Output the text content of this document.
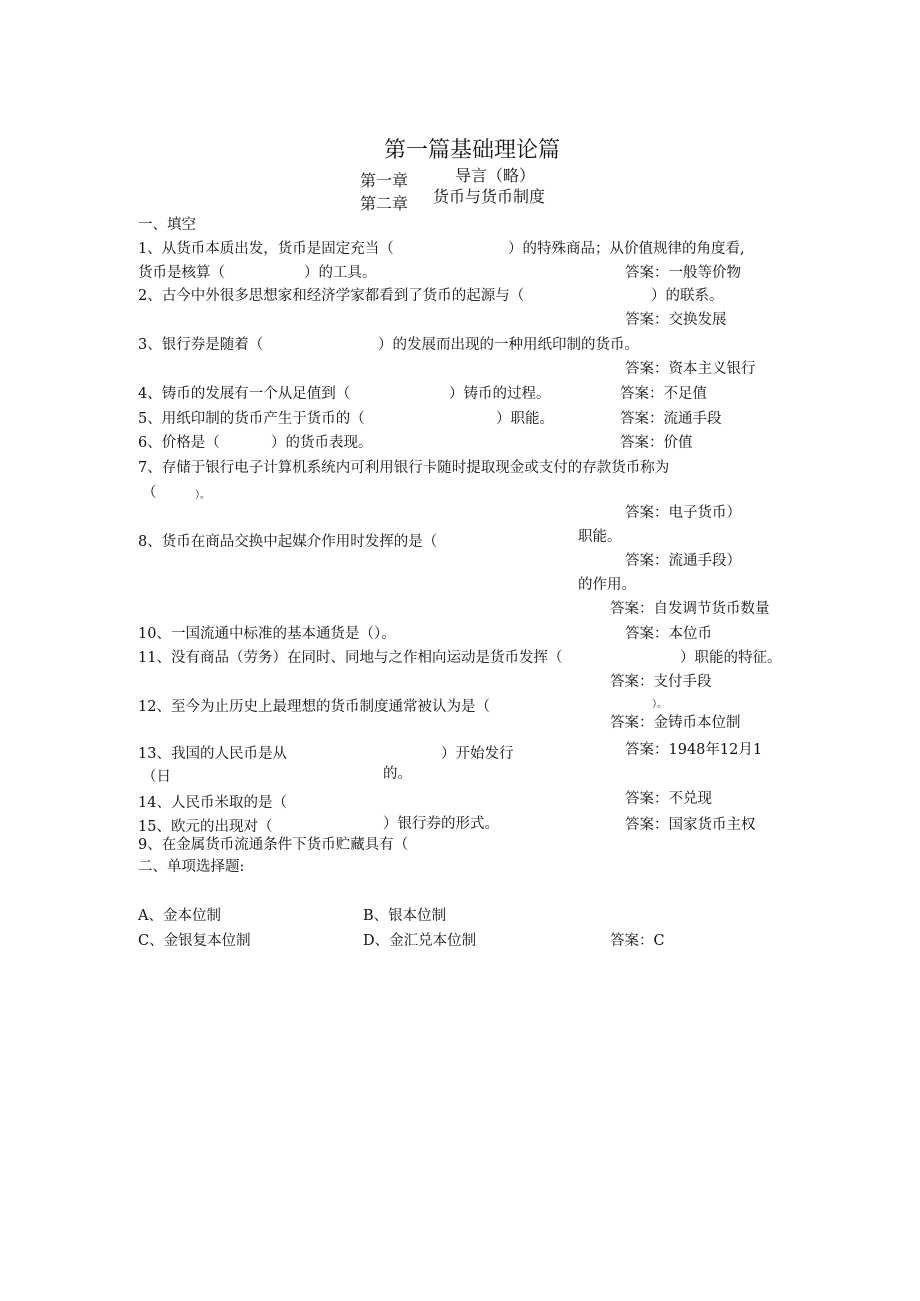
第一篇基础理论篇
第一章	导言（略）
第二章 货币与货币制度
一、填空
1、从货币本质出发，货币是固定充当（	）的特殊商品；从价值规律的角度看,
货币是核算（	）的工具。	答案：一般等价物
2、古今中外很多思想家和经济学家都看到了货币的起源与（	）的联系。
答案：交换发展
3、银行券是随着（	）的发展而出现的一种用纸印制的货币。
答案：资本主义银行
4、铸币的发展有一个从足值到（	）铸币的过程。	答案：不足值
5、用纸印制的货币产生于货币的（	）职能。	答案：流通手段
6、价格是（	）的货币表现。	答案：价值
7、存储于银行电子计算机系统内可利用银行卡随时提取现金或支付的存款货币称为
（	）。
答案：电子货币）
8、货币在商品交换中起媒介作用时发挥的是（	职能。
答案：流通手段）
的作用。
答案：自发调节货币数量
10、一国流通中标准的基本通货是（）。	答案：本位币
11、没有商品（劳务）在同时、同地与之作相向运动是货币发挥（	）职能的特征。
答案：支付手段
）。
12、至今为止历史上最理想的货币制度通常被认为是（
答案：金铸币本位制
13、我国的人民币是从	）开始发行	答案：1948年12月1
（日	的。
14、人民币米取的是（	答案：不兑现
15、欧元的出现对（	）银行券的形式。	答案：国家货币主权
9、在金属货币流通条件下货币贮藏具有（
二、单项选择题:
A、金本位制	B、银本位制
C、金银复本位制	D、金汇兑本位制	答案：C
